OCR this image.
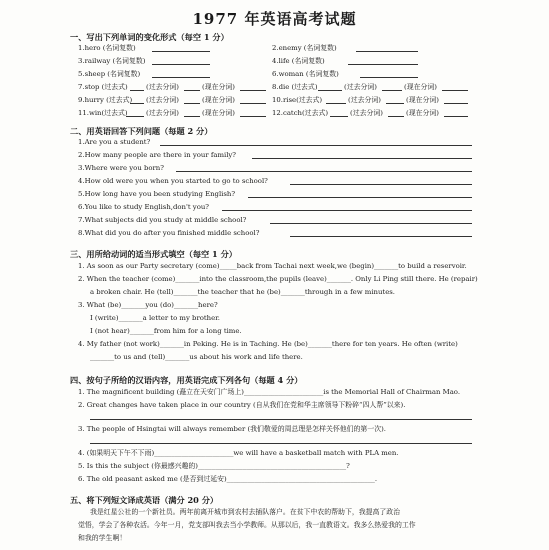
1977 年英语高考试题
一、写出下列单词的变化形式（每空 1 分）
1.hero (名词复数)	2.enemy (名词复数)
3.railway (名词复数)	4.life (名词复数)
5.sheep (名词复数)	6.woman (名词复数)
7.stop (过去式)	(过去分词)	(现在分词)	8.die (过去式)	(过去分词)	(现在分词)
9.hurry (过去式) (过去分词)	(现在分词)	10.rise(过去式)	(过去分词)	(现在分词)
11.win(过去式)	(过去分词)	(现在分词)	12.catch(过去式)	(过去分词)	(现在分词)
二、用英语回答下列问题（每题 2 分）
1.Are you a student?
2.How many people are there in your family?
3.Where were you born?
4.How old were you when you started to go to school?
5.How long have you been studying English?
6.You like to study English,don't you?
7.What subjects did you study at middle school?
8.What did you do after you finished middle school?
三、用所给动词的适当形式填空（每空 1 分）
1. As soon as our Party secretary (come)_____back from Tachai next week,we (begin)_______to build a reservoir.
2. When the teacher (come)_______into the classroom,the pupils (leave)_______. Only Li Ping still there. He (repair)
a broken chair. He (tell)_______the teacher that he (be)_______through in a few minutes.
3. What (be)_______you (do)_______here?
I (write)_______a letter to my brother.
I (not hear)_______from him for a long time.
4. My father (not work)_______in Peking. He is in Taching. He (be)_______there for ten years. He often (write)
_______to us and (tell)_______us about his work and life there.
四、按句子所给的汉语内容，用英语完成下列各句（每题 4 分）
1. The magnificent building (矗立在天安门广场上)_______________________is the Memorial Hall of Chairman Mao.
2. Great changes have taken place in our country (自从我们在党和华主席领导下粉碎“四人帮”以来).
3. The people of Hsingtai will always remember (我们敬爱的周总理是怎样关怀他们的第一次).
4. (如果明天下午不下雨)_______________________we will have a basketball match with PLA men.
5. Is this the subject (你最感兴趣的)___________________________________________?
6. The old peasant asked me (是否到过延安)___________________________________________.
五、将下列短文译成英语（满分 20 分）
我是红星公社的一个新社员。两年前离开城市到农村去插队落户。在贫下中农的帮助下，我提高了政治
觉悟，学会了各种农活。今年一月，党支部叫我去当小学教师。从那以后，我一直教语文。我多么热爱我的工作
和我的学生啊！
